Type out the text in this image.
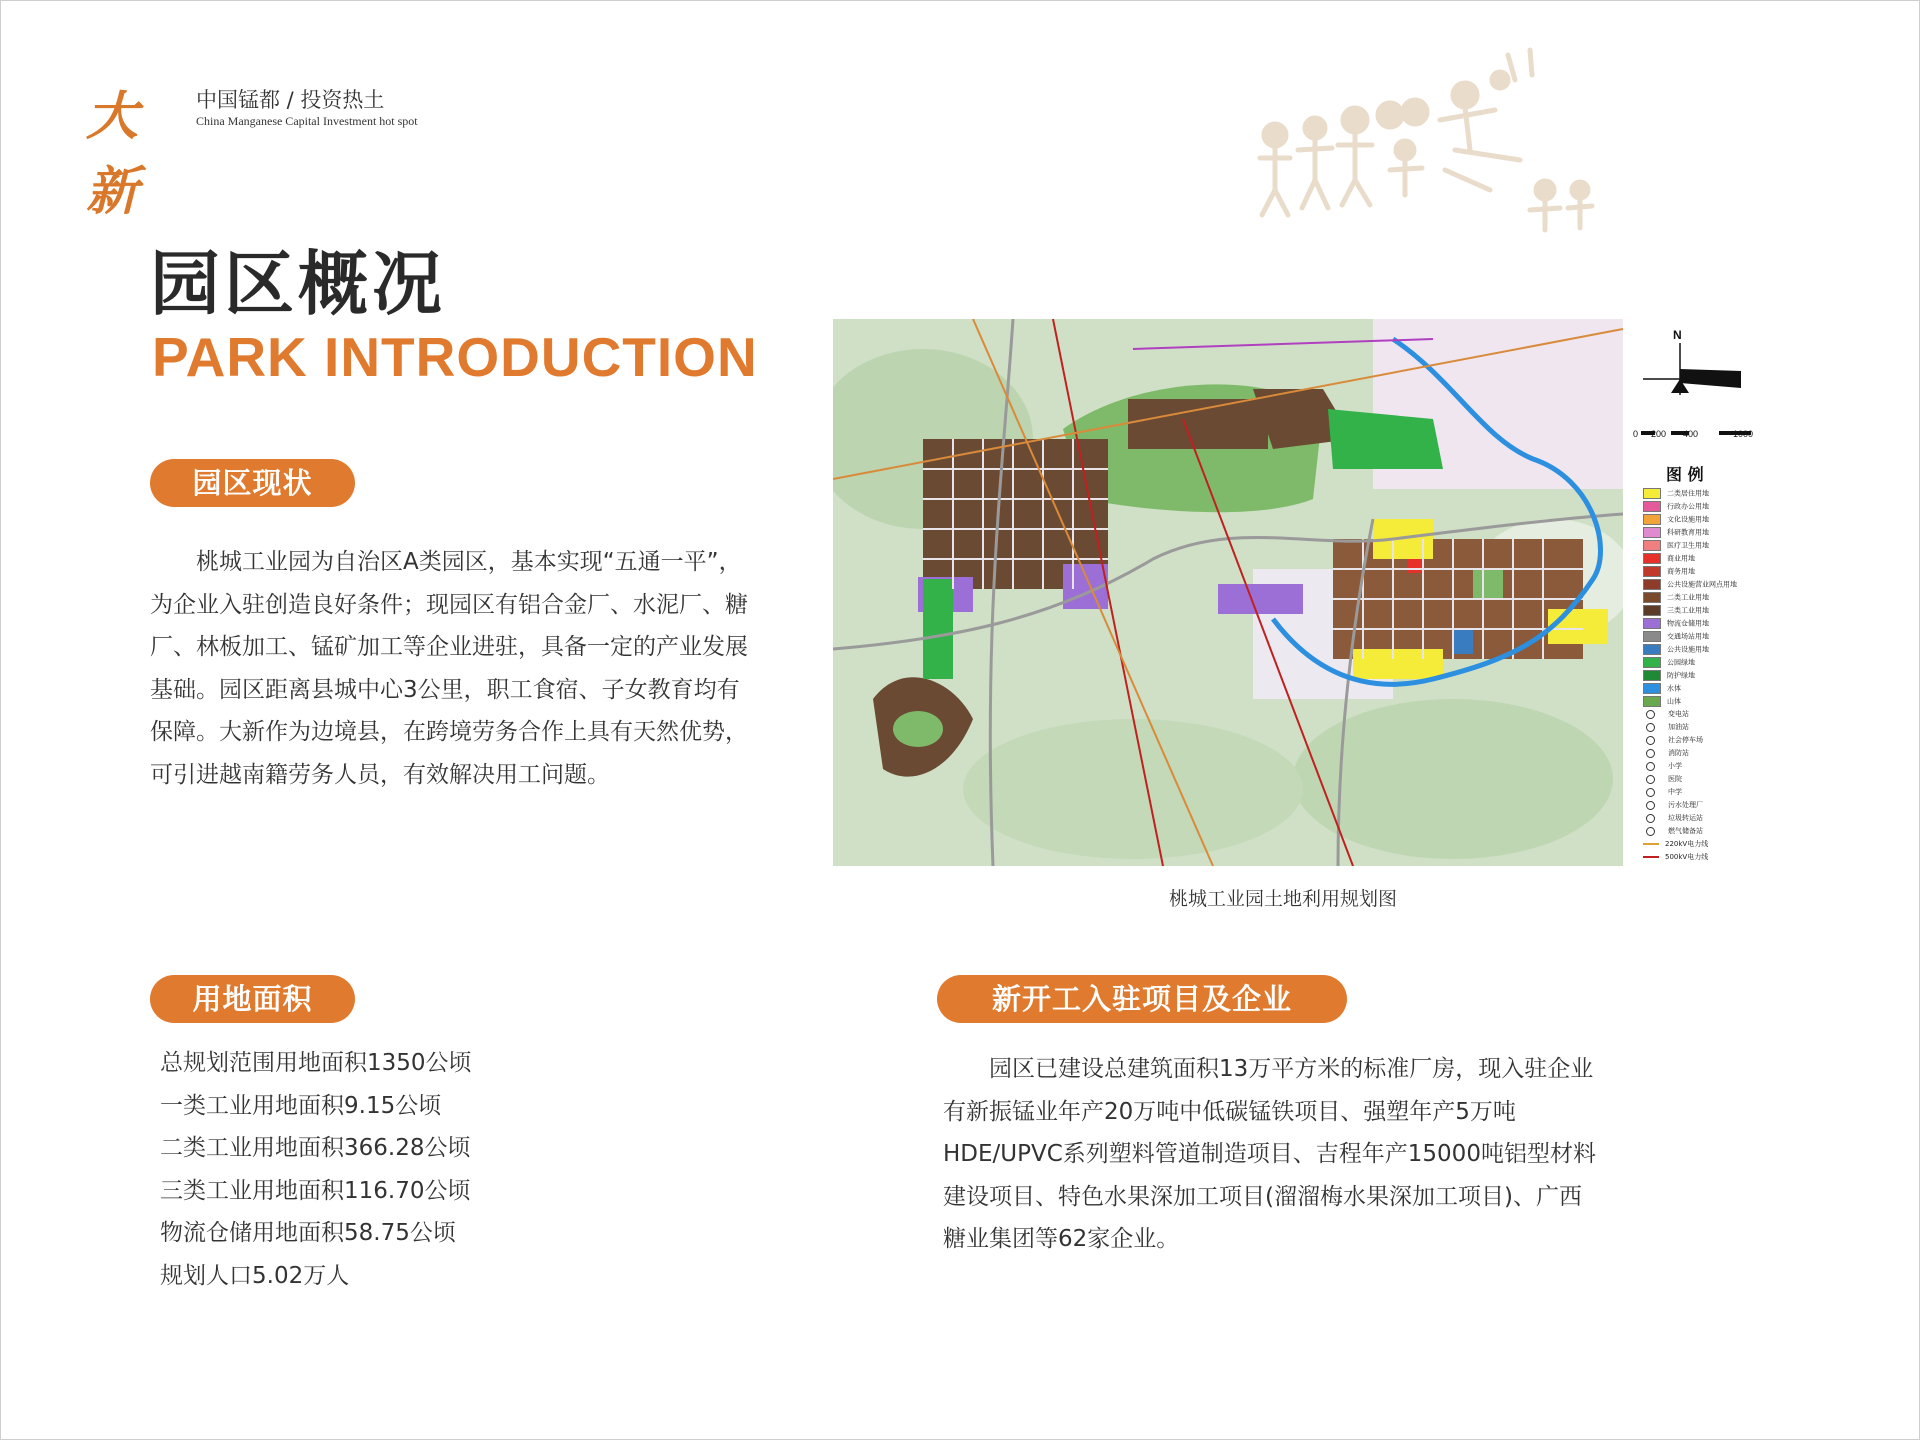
大新
中国锰都 / 投资热土
China Manganese Capital Investment hot spot
园区概况
PARK INTRODUCTION
园区现状

桃城工业园为自治区A类园区，基本实现“五通一平”，为企业入驻创造良好条件；现园区有铝合金厂、水泥厂、糖厂、林板加工、锰矿加工等企业进驻，具备一定的产业发展基础。园区距离县城中心3公里，职工食宿、子女教育均有保障。大新作为边境县，在跨境劳务合作上具有天然优势，可引进越南籍劳务人员，有效解决用工问题。

N
0 200 400	1000
图 例
二类居住用地
行政办公用地
文化设施用地
科研教育用地
医疗卫生用地
商业用地
商务用地
公共设施营业网点用地
二类工业用地
三类工业用地
物流仓储用地
交通场站用地
公共设施用地
公园绿地
防护绿地
水体
山体
变电站
加油站
社会停车场
消防站
小学
医院
中学
污水处理厂
垃圾转运站
燃气储备站
220kV电力线
500kV电力线
桃城工业园土地利用规划图
用地面积
总规划范围用地面积1350公顷
一类工业用地面积9.15公顷
二类工业用地面积366.28公顷
三类工业用地面积116.70公顷
物流仓储用地面积58.75公顷
规划人口5.02万人
新开工入驻项目及企业

园区已建设总建筑面积13万平方米的标准厂房，现入驻企业有新振锰业年产20万吨中低碳锰铁项目、强塑年产5万吨HDE/UPVC系列塑料管道制造项目、吉程年产15000吨铝型材料建设项目、特色水果深加工项目(溜溜梅水果深加工项目)、广西糖业集团等62家企业。
